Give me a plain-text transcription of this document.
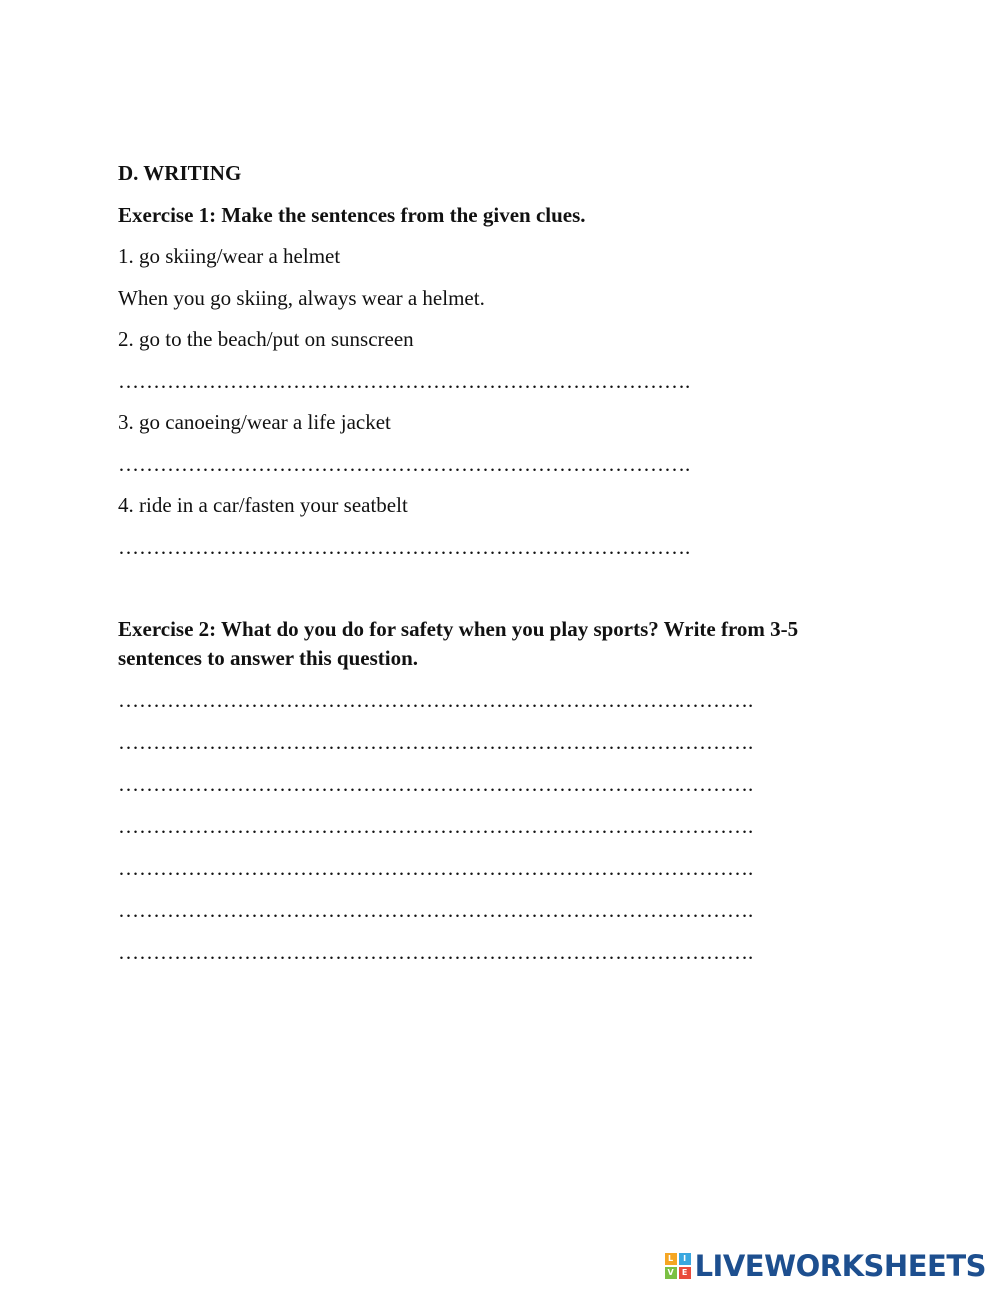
D. WRITING
Exercise 1: Make the sentences from the given clues.
1. go skiing/wear a helmet
When you go skiing, always wear a helmet.
2. go to the beach/put on sunscreen
……………………………………………………………………….
3. go canoeing/wear a life jacket
……………………………………………………………………….
4. ride in a car/fasten your seatbelt
……………………………………………………………………….
Exercise 2: What do you do for safety when you play sports? Write from 3-5 sentences to answer this question.
……………………………………………………………………………….
……………………………………………………………………………….
……………………………………………………………………………….
……………………………………………………………………………….
……………………………………………………………………………….
……………………………………………………………………………….
……………………………………………………………………………….
L	I
V	E LIVEWORKSHEETS
